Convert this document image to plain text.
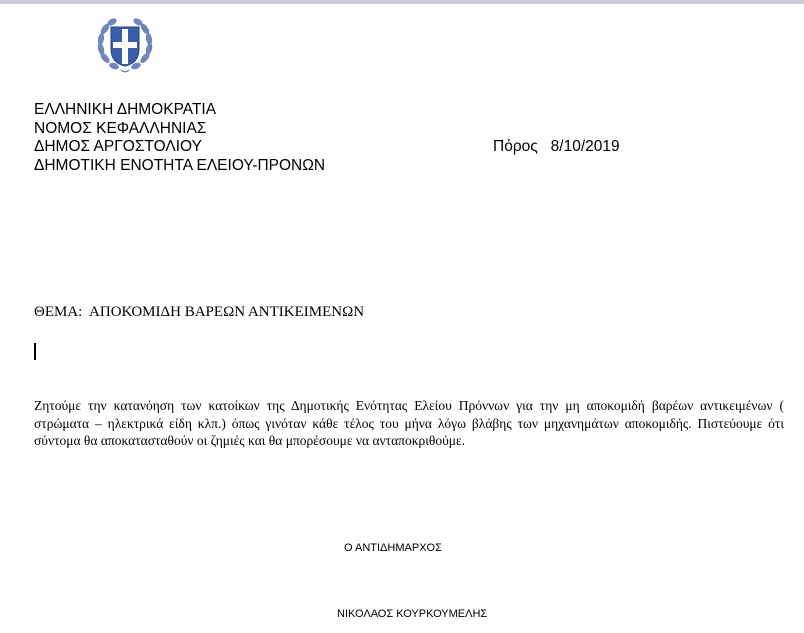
ΕΛΛΗΝΙΚΗ ΔΗΜΟΚΡΑΤΙΑ
ΝΟΜΟΣ ΚΕΦΑΛΛΗΝΙΑΣ
ΔΗΜΟΣ ΑΡΓΟΣΤΟΛΙΟΥ
ΔΗΜΟΤΙΚΗ ΕΝΟΤΗΤΑ ΕΛΕΙΟΥ-ΠΡΟΝΩΝ
Πόρος 8/10/2019
ΘΕΜΑ: ΑΠΟΚΟΜΙΔΗ ΒΑΡΕΩΝ ΑΝΤΙΚΕΙΜΕΝΩΝ
Ζητούμε την κατανόηση των κατοίκων της Δημοτικής Ενότητας Ελείου Πρόννων για την μη αποκομιδή βαρέων αντικειμένων ( στρώματα – ηλεκτρικά είδη κλπ.) όπως γινόταν κάθε τέλος του μήνα λόγω βλάβης των μηχανημάτων αποκομιδής. Πιστεύουμε ότι σύντομα θα αποκατασταθούν οι ζημιές και θα μπορέσουμε να ανταποκριθούμε.
Ο ΑΝΤΙΔΗΜΑΡΧΟΣ
ΝΙΚΟΛΑΟΣ ΚΟΥΡΚΟΥΜΕΛΗΣ
